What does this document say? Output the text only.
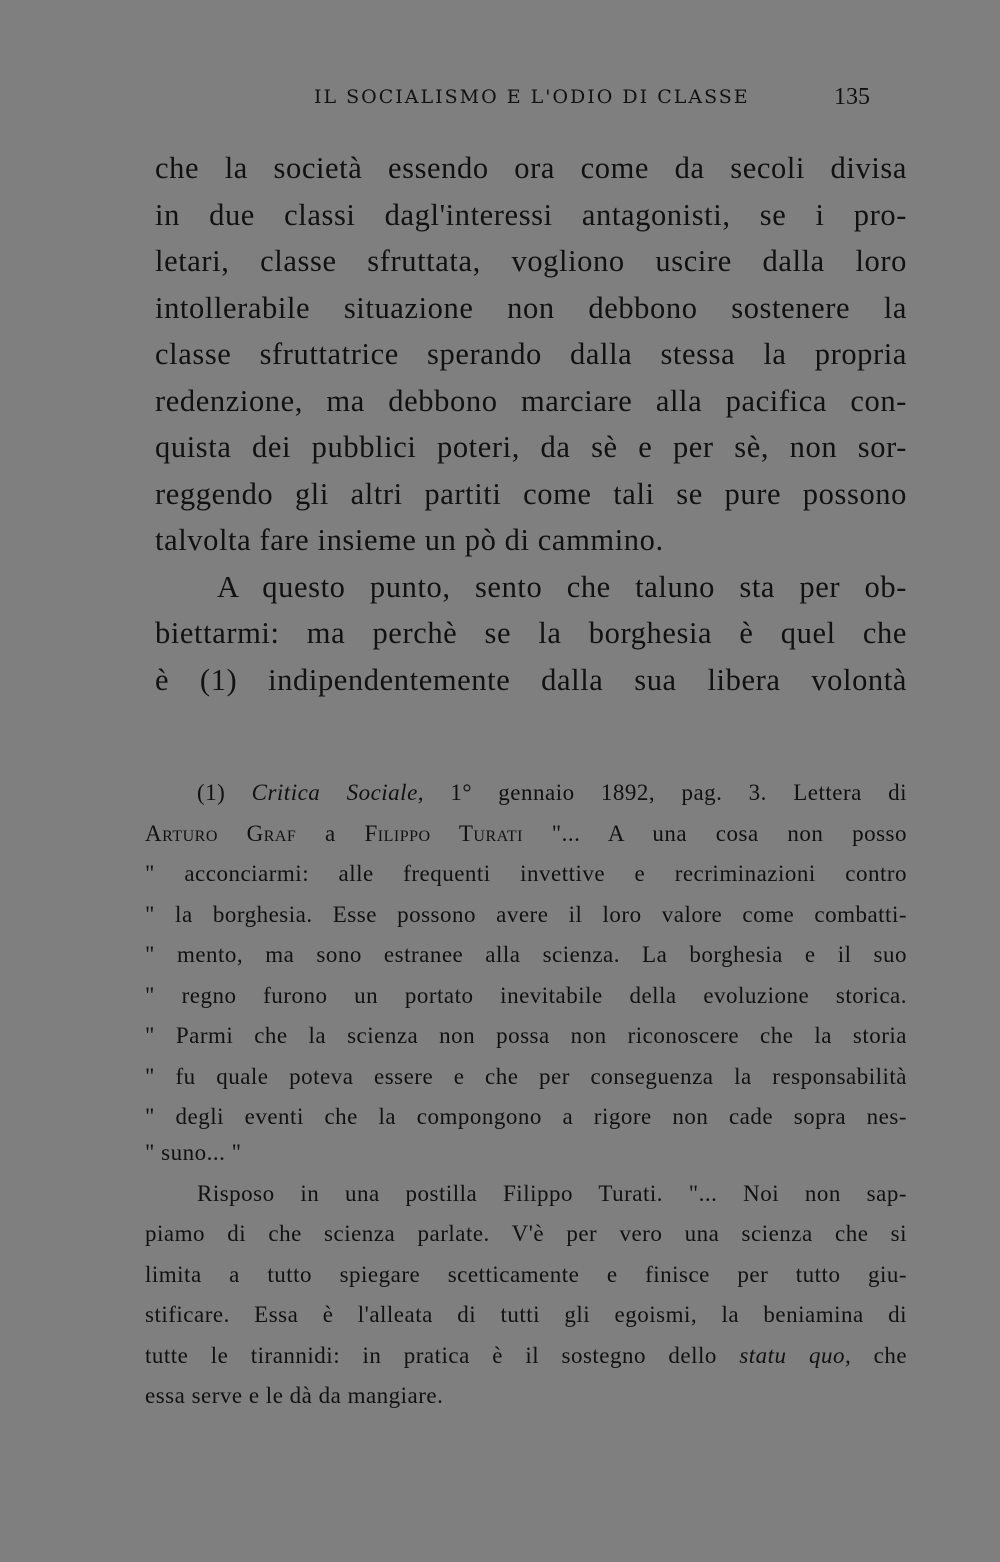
IL SOCIALISMO E L'ODIO DI CLASSE	135
che la società essendo ora come da secoli divisa
in due classi dagl'interessi antagonisti, se i pro-
letari, classe sfruttata, vogliono uscire dalla loro
intollerabile situazione non debbono sostenere la
classe sfruttatrice sperando dalla stessa la propria
redenzione, ma debbono marciare alla pacifica con-
quista dei pubblici poteri, da sè e per sè, non sor-
reggendo gli altri partiti come tali se pure possono
talvolta fare insieme un pò di cammino.
A questo punto, sento che taluno sta per ob-
biettarmi: ma perchè se la borghesia è quel che
è (1) indipendentemente dalla sua libera volontà
(1) Critica Sociale, 1° gennaio 1892, pag. 3. Lettera di
Arturo Graf a Filippo Turati "... A una cosa non posso
" acconciarmi: alle frequenti invettive e recriminazioni contro
" la borghesia. Esse possono avere il loro valore come combatti-
" mento, ma sono estranee alla scienza. La borghesia e il suo
" regno furono un portato inevitabile della evoluzione storica.
" Parmi che la scienza non possa non riconoscere che la storia
" fu quale poteva essere e che per conseguenza la responsabilità
" degli eventi che la compongono a rigore non cade sopra nes-
" suno... "
Risposo in una postilla Filippo Turati. "... Noi non sap-
piamo di che scienza parlate. V'è per vero una scienza che si
limita a tutto spiegare scetticamente e finisce per tutto giu-
stificare. Essa è l'alleata di tutti gli egoismi, la beniamina di
tutte le tirannidi: in pratica è il sostegno dello statu quo, che
essa serve e le dà da mangiare.
